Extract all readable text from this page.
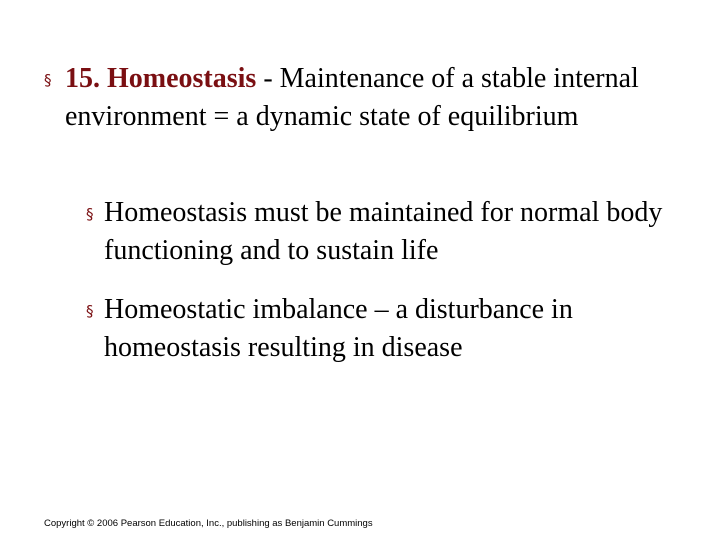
§ 15. Homeostasis - Maintenance of a stable internal environment = a dynamic state of equilibrium
§ Homeostasis must be maintained for normal body functioning and to sustain life
§ Homeostatic imbalance – a disturbance in homeostasis resulting in disease
Copyright © 2006 Pearson Education, Inc., publishing as Benjamin Cummings
